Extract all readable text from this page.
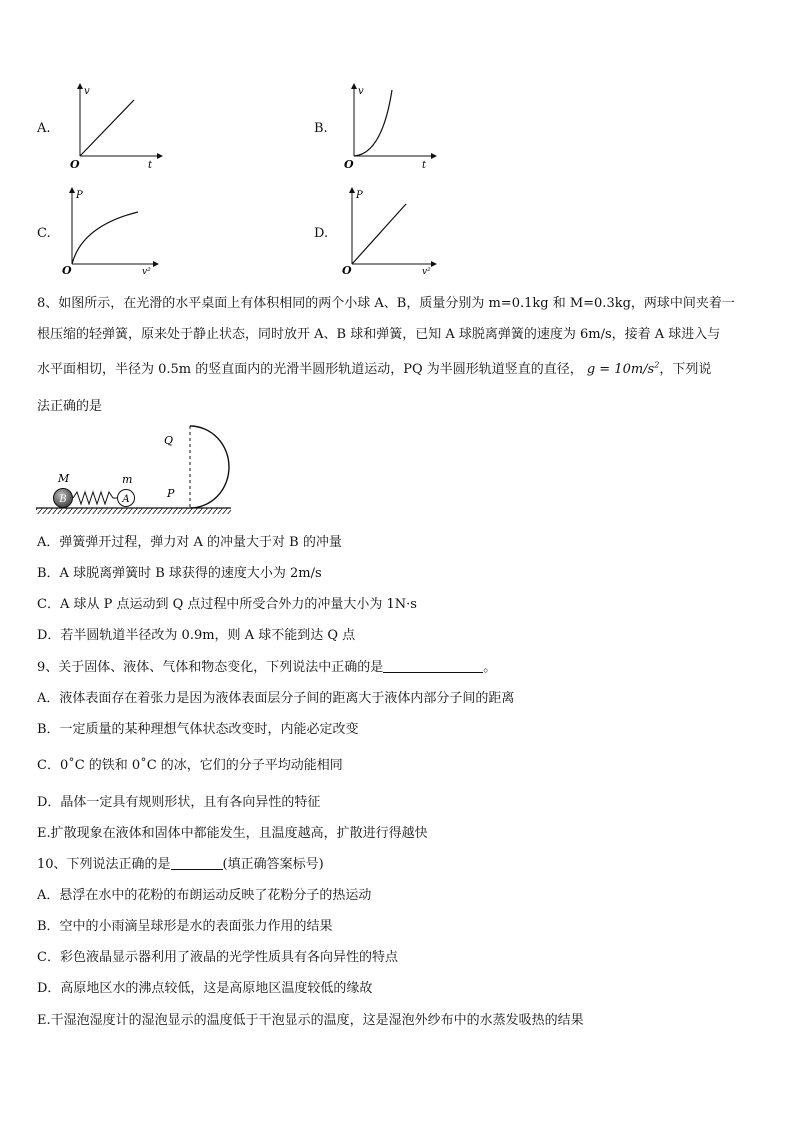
A.
v
t
O
B.
v
t
O
C.
P
v²
O
D.
P
v²
O
8、如图所示，在光滑的水平桌面上有体积相同的两个小球 A、B，质量分别为 m=0.1kg 和 M=0.3kg，两球中间夹着一
根压缩的轻弹簧，原来处于静止状态，同时放开 A、B 球和弹簧，已知 A 球脱离弹簧的速度为 6m/s，接着 A 球进入与
水平面相切，半径为 0.5m 的竖直面内的光滑半圆形轨道运动，PQ 为半圆形轨道竖直的直径， $g = 10m/s^2$，下列说
法正确的是
B	A
M	m
Q
P
A．弹簧弹开过程，弹力对 A 的冲量大于对 B 的冲量
B．A 球脱离弹簧时 B 球获得的速度大小为 2m/s
C．A 球从 P 点运动到 Q 点过程中所受合外力的冲量大小为 1N·s
D．若半圆轨道半径改为 0.9m，则 A 球不能到达 Q 点
9、关于固体、液体、气体和物态变化，下列说法中正确的是	。
A．液体表面存在着张力是因为液体表面层分子间的距离大于液体内部分子间的距离
B．一定质量的某种理想气体状态改变时，内能必定改变
C．0˚C 的铁和 0˚C 的冰，它们的分子平均动能相同
D．晶体一定具有规则形状，且有各向异性的特征
E.扩散现象在液体和固体中都能发生，且温度越高，扩散进行得越快
10、下列说法正确的是	(填正确答案标号)
A．悬浮在水中的花粉的布朗运动反映了花粉分子的热运动
B．空中的小雨滴呈球形是水的表面张力作用的结果
C．彩色液晶显示器利用了液晶的光学性质具有各向异性的特点
D．高原地区水的沸点较低，这是高原地区温度较低的缘故
E.干湿泡湿度计的湿泡显示的温度低于干泡显示的温度，这是湿泡外纱布中的水蒸发吸热的结果
